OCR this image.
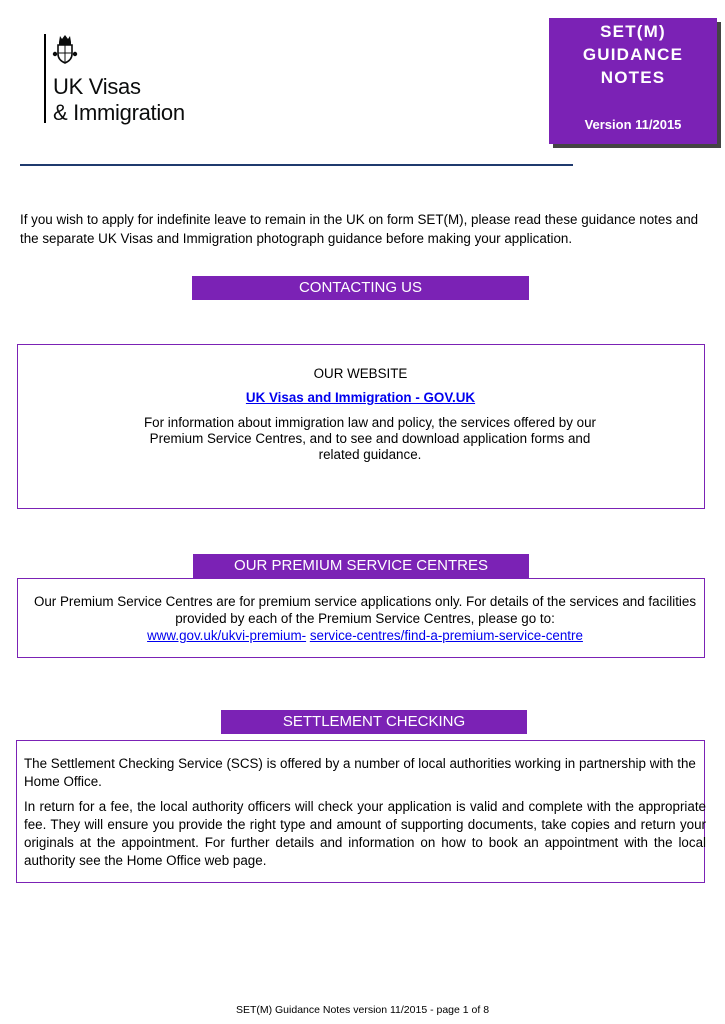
UK Visas
& Immigration
SET(M)
GUIDANCE
NOTES
Version 11/2015
If you wish to apply for indefinite leave to remain in the UK on form SET(M), please read these guidance notes and the separate UK Visas and Immigration photograph guidance before making your application.
CONTACTING US
OUR WEBSITE
UK Visas and Immigration - GOV.UK
For information about immigration law and policy, the services offered by our Premium Service Centres, and to see and download application forms and related guidance.
OUR PREMIUM SERVICE CENTRES
Our Premium Service Centres are for premium service applications only. For details of the services and facilities provided by each of the Premium Service Centres, please go to:
www.gov.uk/ukvi-premium- service-centres/find-a-premium-service-centre
SETTLEMENT CHECKING
The Settlement Checking Service (SCS) is offered by a number of local authorities working in partnership with the Home Office.
In return for a fee, the local authority officers will check your application is valid and complete with the appropriate fee. They will ensure you provide the right type and amount of supporting documents, take copies and return your originals at the appointment. For further details and information on how to book an appointment with the local authority see the Home Office web page.
SET(M) Guidance Notes version 11/2015 - page 1 of 8
